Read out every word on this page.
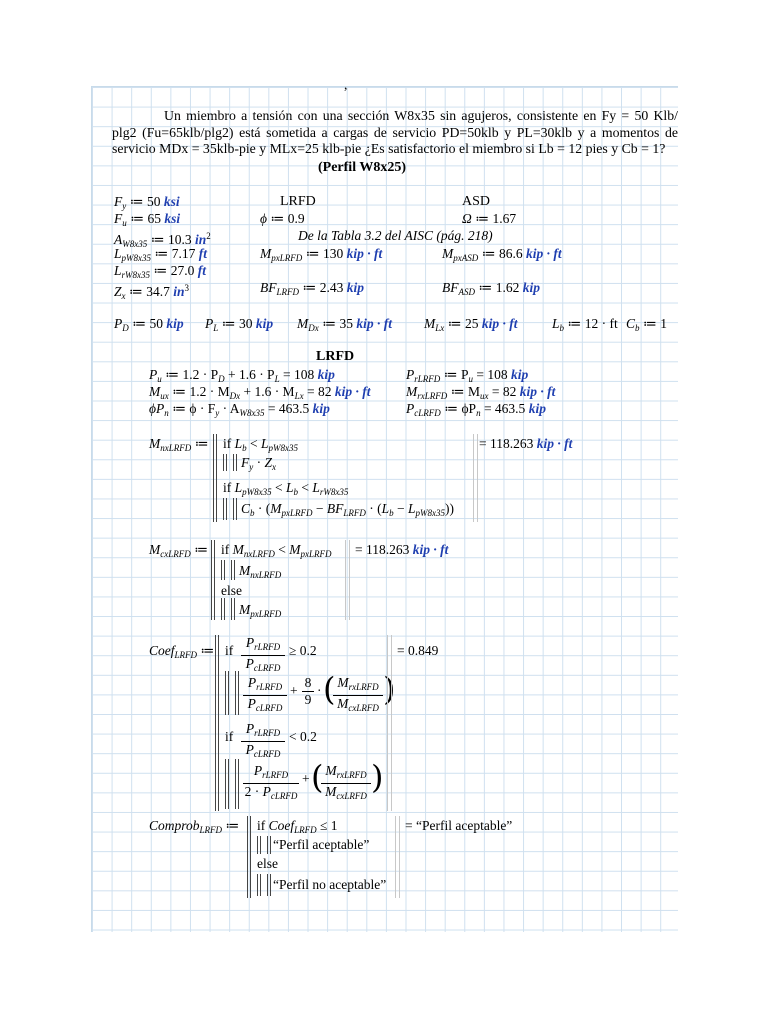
,
Un miembro a tensión con una sección W8x35 sin agujeros, consistente en Fy = 50 Klb/ plg2 (Fu=65klb/plg2) está sometida a cargas de servicio PD=50klb y PL=30klb y a momentos de servicio MDx = 35klb-pie y MLx=25 klb-pie ¿Es satisfactorio el miembro si Lb = 12 pies y Cb = 1?
(Perfil W8x25)
$F_y$ ≔ 50 ksi
$F_u$ ≔ 65 ksi
$A_{W8x35}$ ≔ 10.3 $in^2$
$L_{pW8x35}$ ≔ 7.17 ft
$L_{rW8x35}$ ≔ 27.0 ft
$Z_x$ ≔ 34.7 $in^3$
LRFD
ϕ ≔ 0.9
De la Tabla 3.2 del AISC (pág. 218)
$M_{pxLRFD}$ ≔ 130 kip · ft
$BF_{LRFD}$ ≔ 2.43 kip
ASD
Ω ≔ 1.67
$M_{pxASD}$ ≔ 86.6 kip · ft
$BF_{ASD}$ ≔ 1.62 kip
$P_D$ ≔ 50 kip $P_L$ ≔ 30 kip $M_{Dx}$ ≔ 35 kip · ft $M_{Lx}$ ≔ 25 kip · ft	$L_b$ ≔ 12 · ft $C_b$ ≔ 1
LRFD
$P_u$ ≔ $1.2 \cdot P_D + 1.6 \cdot P_L = 108$ kip
$M_{ux}$ ≔ $1.2 \cdot M_{Dx} + 1.6 \cdot M_{Lx} = 82$ kip · ft
$\phi P_n$ ≔ $\phi \cdot F_y \cdot A_{W8x35} = 463.5$ kip
$P_{rLRFD}$ ≔ $P_u = 108$ kip
$M_{rxLRFD}$ ≔ $M_{ux} = 82$ kip · ft
$P_{cLRFD}$ ≔ $\phi P_n = 463.5$ kip
$M_{nxLRFD}$ ≔ if $L_b < L_{pW8x35}$
$F_y \cdot Z_x$
if $L_{pW8x35} < L_b < L_{rW8x35}$
$C_b \cdot (M_{pxLRFD} - BF_{LRFD} \cdot (L_b - L_{pW8x35}))$
= 118.263 kip · ft
$M_{cxLRFD}$ ≔ if $M_{nxLRFD} < M_{pxLRFD}$
$M_{nxLRFD}$
else
$M_{pxLRFD}$
= 118.263 kip · ft
Coef$_{LRFD}$ ≔ if
$P_{rLRFD}$
$P_{cLRFD}$
≥ 0.2
$P_{rLRFD}$
$P_{cLRFD}$
+ $\frac{8}{9}$ · ( $M_{rxLRFD}$
$M_{cxLRFD}$ )
if
$P_{rLRFD}$
$P_{cLRFD}$
< 0.2
$P_{rLRFD}$
$2 \cdot P_{cLRFD}$
+ ( $M_{rxLRFD}$
$M_{cxLRFD}$ )
= 0.849
Comprob$_{LRFD}$ ≔ if Coef$_{LRFD}$ ≤ 1
“Perfil aceptable”
else
“Perfil no aceptable”
= “Perfil aceptable”
